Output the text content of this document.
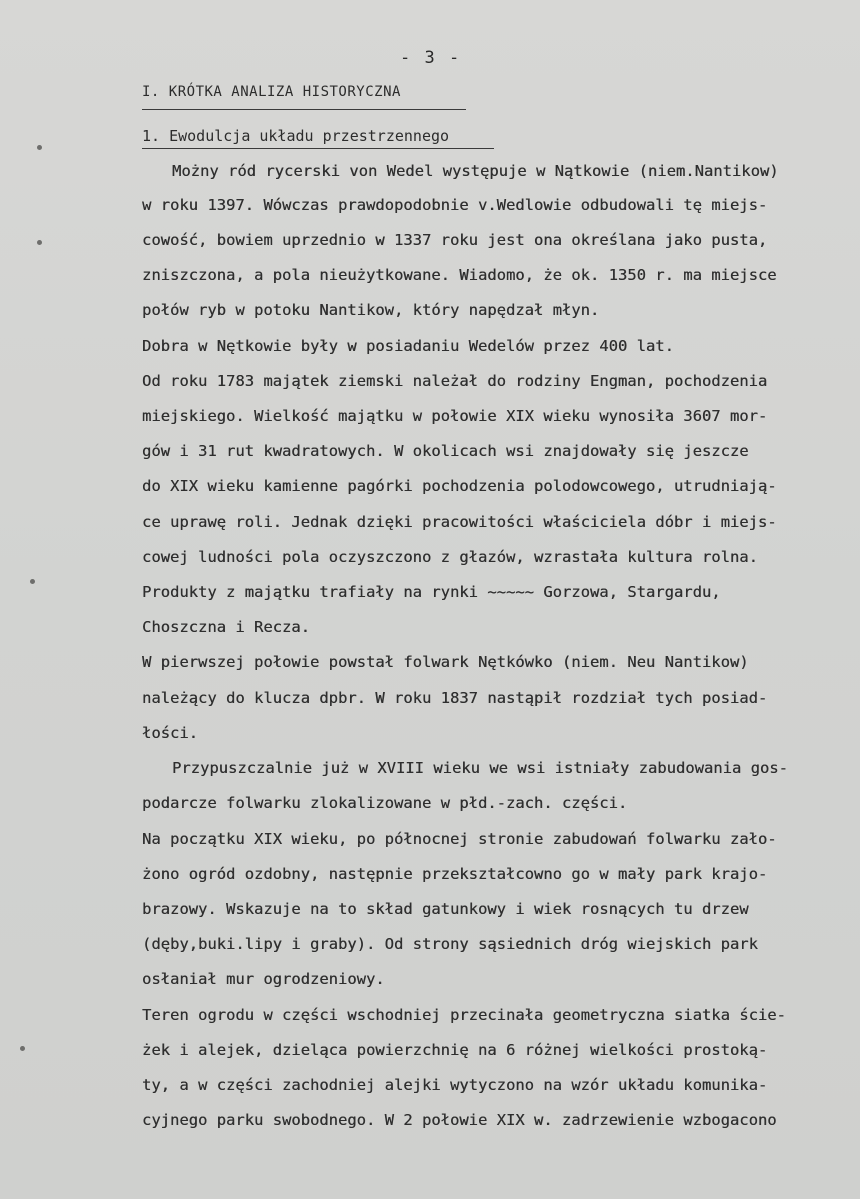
- 3 -
I. KRÓTKA ANALIZA HISTORYCZNA
1. Ewodulcja układu przestrzennego
Możny ród rycerski von Wedel występuje w Nątkowie (niem.Nantikow)
w roku 1397. Wówczas prawdopodobnie v.Wedlowie odbudowali tę miejs-
cowość, bowiem uprzednio w 1337 roku jest ona określana jako pusta,
zniszczona, a pola nieużytkowane. Wiadomo, że ok. 1350 r. ma miejsce
połów ryb w potoku Nantikow, który napędzał młyn.
Dobra w Nętkowie były w posiadaniu Wedelów przez 400 lat.
Od roku 1783 majątek ziemski należał do rodziny Engman, pochodzenia
miejskiego. Wielkość majątku w połowie XIX wieku wynosiła 3607 mor-
gów i 31 rut kwadratowych. W okolicach wsi znajdowały się jeszcze
do XIX wieku kamienne pagórki pochodzenia polodowcowego, utrudniają-
ce uprawę roli. Jednak dzięki pracowitości właściciela dóbr i miejs-
cowej ludności pola oczyszczono z głazów, wzrastała kultura rolna.
Produkty z majątku trafiały na rynki ~~~~~ Gorzowa, Stargardu,
Choszczna i Recza.
W pierwszej połowie powstał folwark Nętkówko (niem. Neu Nantikow)
należący do klucza dpbr. W roku 1837 nastąpił rozdział tych posiad-
łości.
Przypuszczalnie już w XVIII wieku we wsi istniały zabudowania gos-
podarcze folwarku zlokalizowane w płd.-zach. części.
Na początku XIX wieku, po północnej stronie zabudowań folwarku zało-
żono ogród ozdobny, następnie przekształcowno go w mały park krajo-
brazowy. Wskazuje na to skład gatunkowy i wiek rosnących tu drzew
(dęby,buki.lipy i graby). Od strony sąsiednich dróg wiejskich park
osłaniał mur ogrodzeniowy.
Teren ogrodu w części wschodniej przecinała geometryczna siatka ście-
żek i alejek, dzieląca powierzchnię na 6 różnej wielkości prostoką-
ty, a w części zachodniej alejki wytyczono na wzór układu komunika-
cyjnego parku swobodnego. W 2 połowie XIX w. zadrzewienie wzbogacono
